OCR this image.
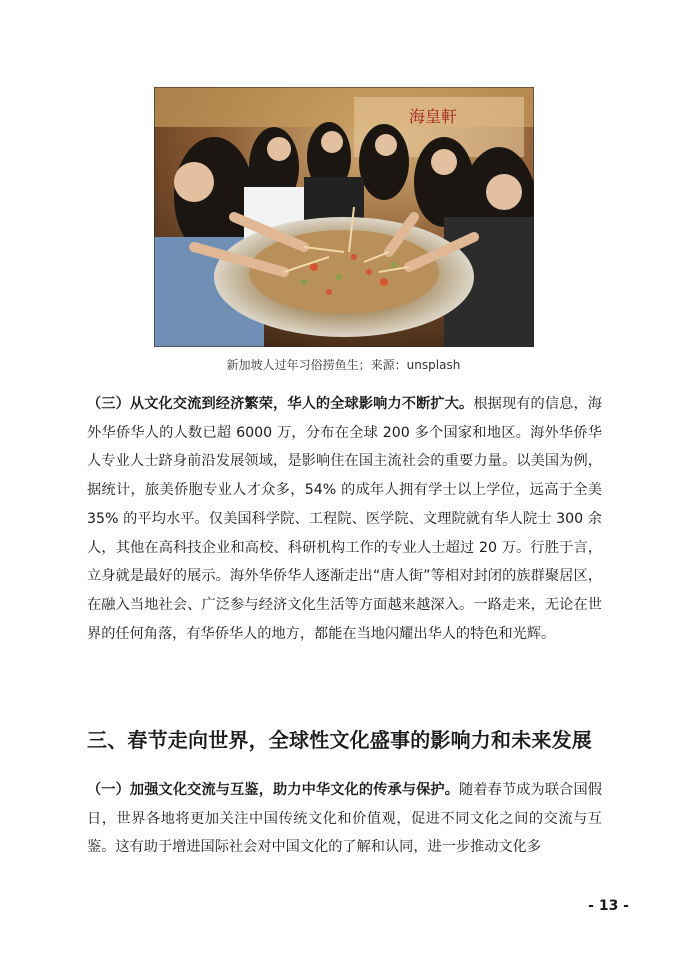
海皇軒
新加坡人过年习俗捞鱼生；来源：unsplash

（三）从文化交流到经济繁荣，华人的全球影响力不断扩大。根据现有的信息，海外华侨华人的人数已超 6000 万，分布在全球 200 多个国家和地区。海外华侨华人专业人士跻身前沿发展领域，是影响住在国主流社会的重要力量。以美国为例，据统计，旅美侨胞专业人才众多，54% 的成年人拥有学士以上学位，远高于全美 35% 的平均水平。仅美国科学院、工程院、医学院、文理院就有华人院士 300 余人，其他在高科技企业和高校、科研机构工作的专业人士超过 20 万。行胜于言，立身就是最好的展示。海外华侨华人逐渐走出“唐人街”等相对封闭的族群聚居区，在融入当地社会、广泛参与经济文化生活等方面越来越深入。一路走来，无论在世界的任何角落，有华侨华人的地方，都能在当地闪耀出华人的特色和光辉。

三、春节走向世界，全球性文化盛事的影响力和未来发展

（一）加强文化交流与互鉴，助力中华文化的传承与保护。随着春节成为联合国假日，世界各地将更加关注中国传统文化和价值观，促进不同文化之间的交流与互鉴。这有助于增进国际社会对中国文化的了解和认同，进一步推动文化多

- 13 -
